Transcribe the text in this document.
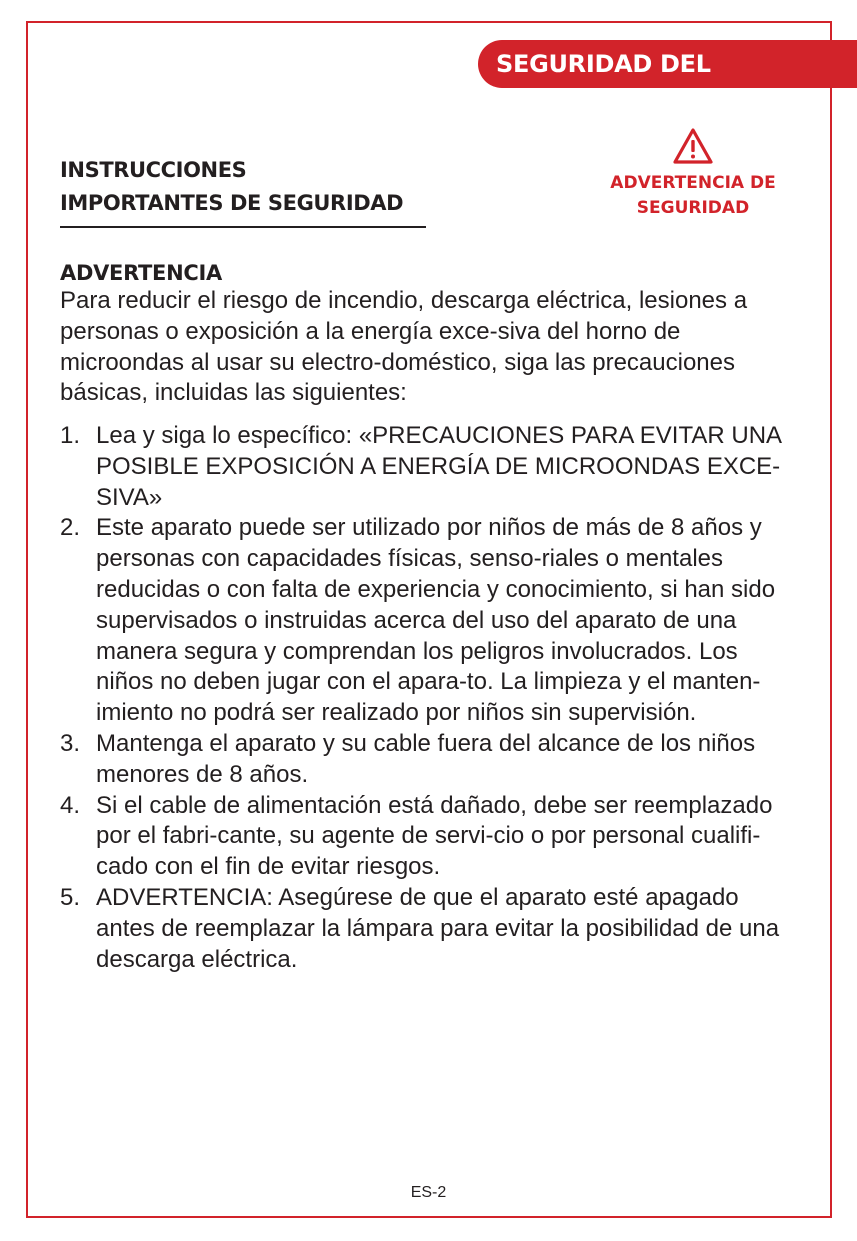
SEGURIDAD DEL PRODUCTO
INSTRUCCIONES
IMPORTANTES DE SEGURIDAD
ADVERTENCIA DE
SEGURIDAD
ADVERTENCIA
Para reducir el riesgo de incendio, descarga eléctrica, lesiones a personas o exposición a la energía exce-siva del horno de microondas al usar su electro-doméstico, siga las precauciones básicas, incluidas las siguientes:
1. Lea y siga lo específico: «PRECAUCIONES PARA EVITAR UNA POSIBLE EXPOSICIÓN A ENERGÍA DE MICROONDAS EXCE-SIVA»
2. Este aparato puede ser utilizado por niños de más de 8 años y personas con capacidades físicas, senso-riales o mentales reducidas o con falta de experiencia y conocimiento, si han sido supervisados o instruidas acerca del uso del aparato de una manera segura y comprendan los peligros involucrados. Los niños no deben jugar con el apara-to. La limpieza y el manten-imiento no podrá ser realizado por niños sin supervisión.
3. Mantenga el aparato y su cable fuera del alcance de los niños menores de 8 años.
4. Si el cable de alimentación está dañado, debe ser reemplazado por el fabri-cante, su agente de servi-cio o por personal cualifi-cado con el fin de evitar riesgos.
5. ADVERTENCIA: Asegúrese de que el aparato esté apagado antes de reemplazar la lámpara para evitar la posibilidad de una descarga eléctrica.
ES-2
